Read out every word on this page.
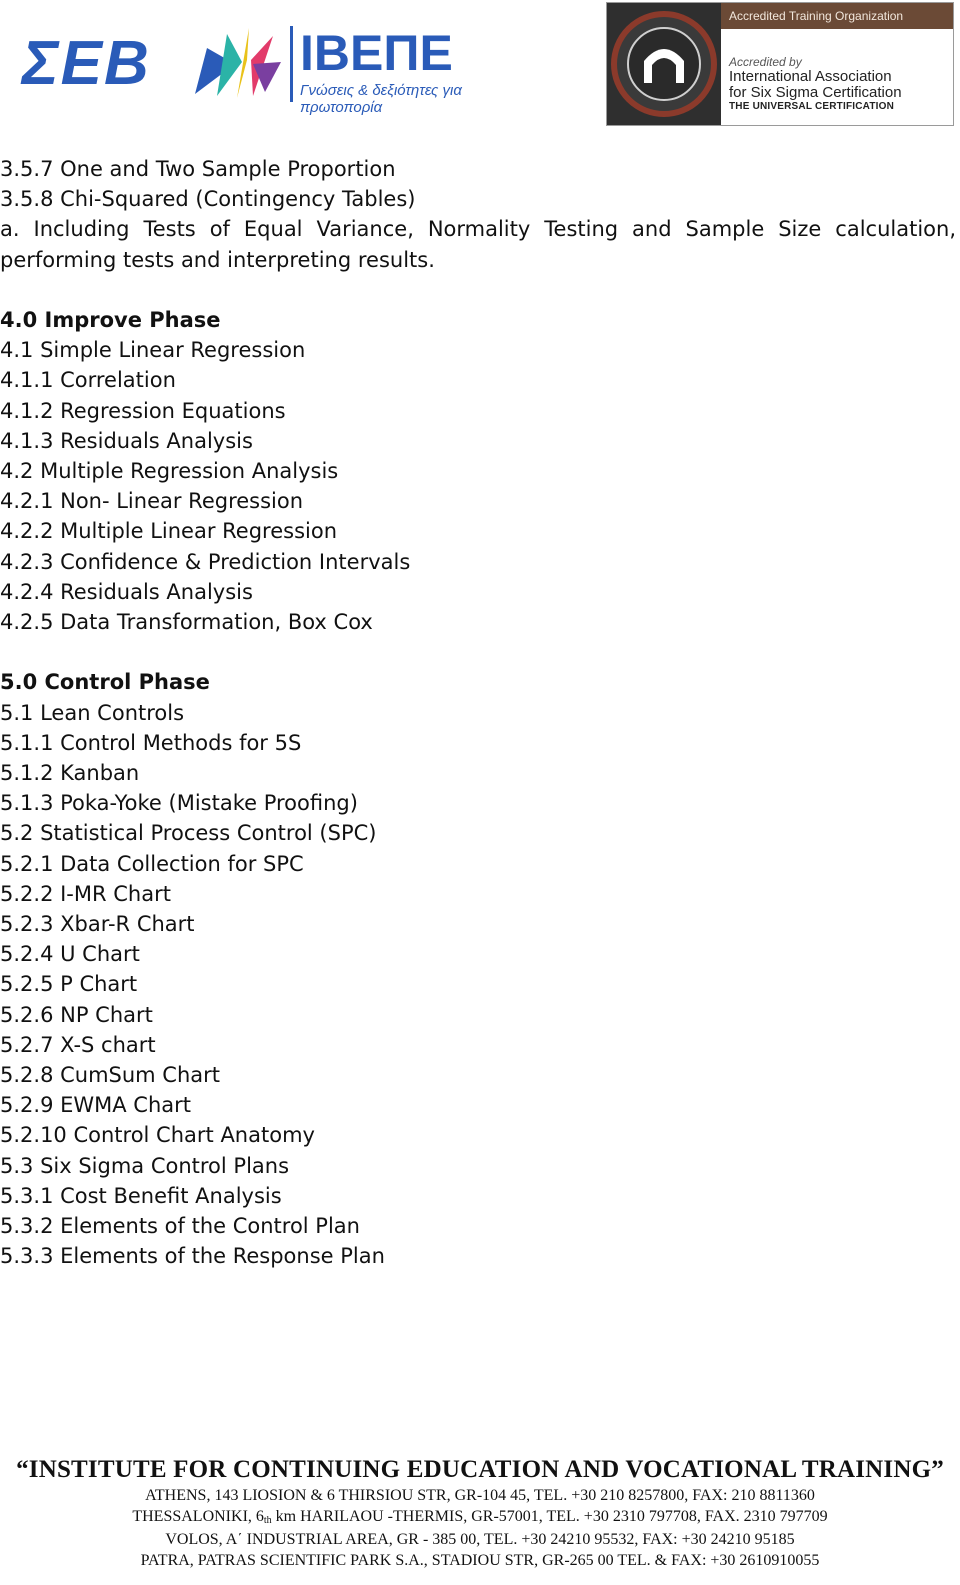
ΣΕΒ	ΙΒΕΠΕ
Γνώσεις & δεξιότητες για πρωτοπορία
Accredited Training Organization
Accredited by
International Association
for Six Sigma Certification
THE UNIVERSAL CERTIFICATION
3.5.7 One and Two Sample Proportion
3.5.8 Chi-Squared (Contingency Tables)
a. Including Tests of Equal Variance, Normality Testing and Sample Size calculation,
performing tests and interpreting results.
4.0 Improve Phase
4.1 Simple Linear Regression
4.1.1 Correlation
4.1.2 Regression Equations
4.1.3 Residuals Analysis
4.2 Multiple Regression Analysis
4.2.1 Non- Linear Regression
4.2.2 Multiple Linear Regression
4.2.3 Confidence & Prediction Intervals
4.2.4 Residuals Analysis
4.2.5 Data Transformation, Box Cox
5.0 Control Phase
5.1 Lean Controls
5.1.1 Control Methods for 5S
5.1.2 Kanban
5.1.3 Poka-Yoke (Mistake Proofing)
5.2 Statistical Process Control (SPC)
5.2.1 Data Collection for SPC
5.2.2 I-MR Chart
5.2.3 Xbar-R Chart
5.2.4 U Chart
5.2.5 P Chart
5.2.6 NP Chart
5.2.7 X-S chart
5.2.8 CumSum Chart
5.2.9 EWMA Chart
5.2.10 Control Chart Anatomy
5.3 Six Sigma Control Plans
5.3.1 Cost Benefit Analysis
5.3.2 Elements of the Control Plan
5.3.3 Elements of the Response Plan
“INSTITUTE FOR CONTINUING EDUCATION AND VOCATIONAL TRAINING”
ATHENS, 143 LIOSION & 6 THIRSIOU STR, GR-104 45, TEL. +30 210 8257800, FAX: 210 8811360
THESSALONIKI, 6th km HARILAOU -THERMIS, GR-57001, TEL. +30 2310 797708, FAX. 2310 797709
VOLOS, A΄ INDUSTRIAL AREA, GR - 385 00, TEL. +30 24210 95532, FAX: +30 24210 95185
PATRA, PATRAS SCIENTIFIC PARK S.A., STADIOU STR, GR-265 00 TEL. & FAX: +30 2610910055
